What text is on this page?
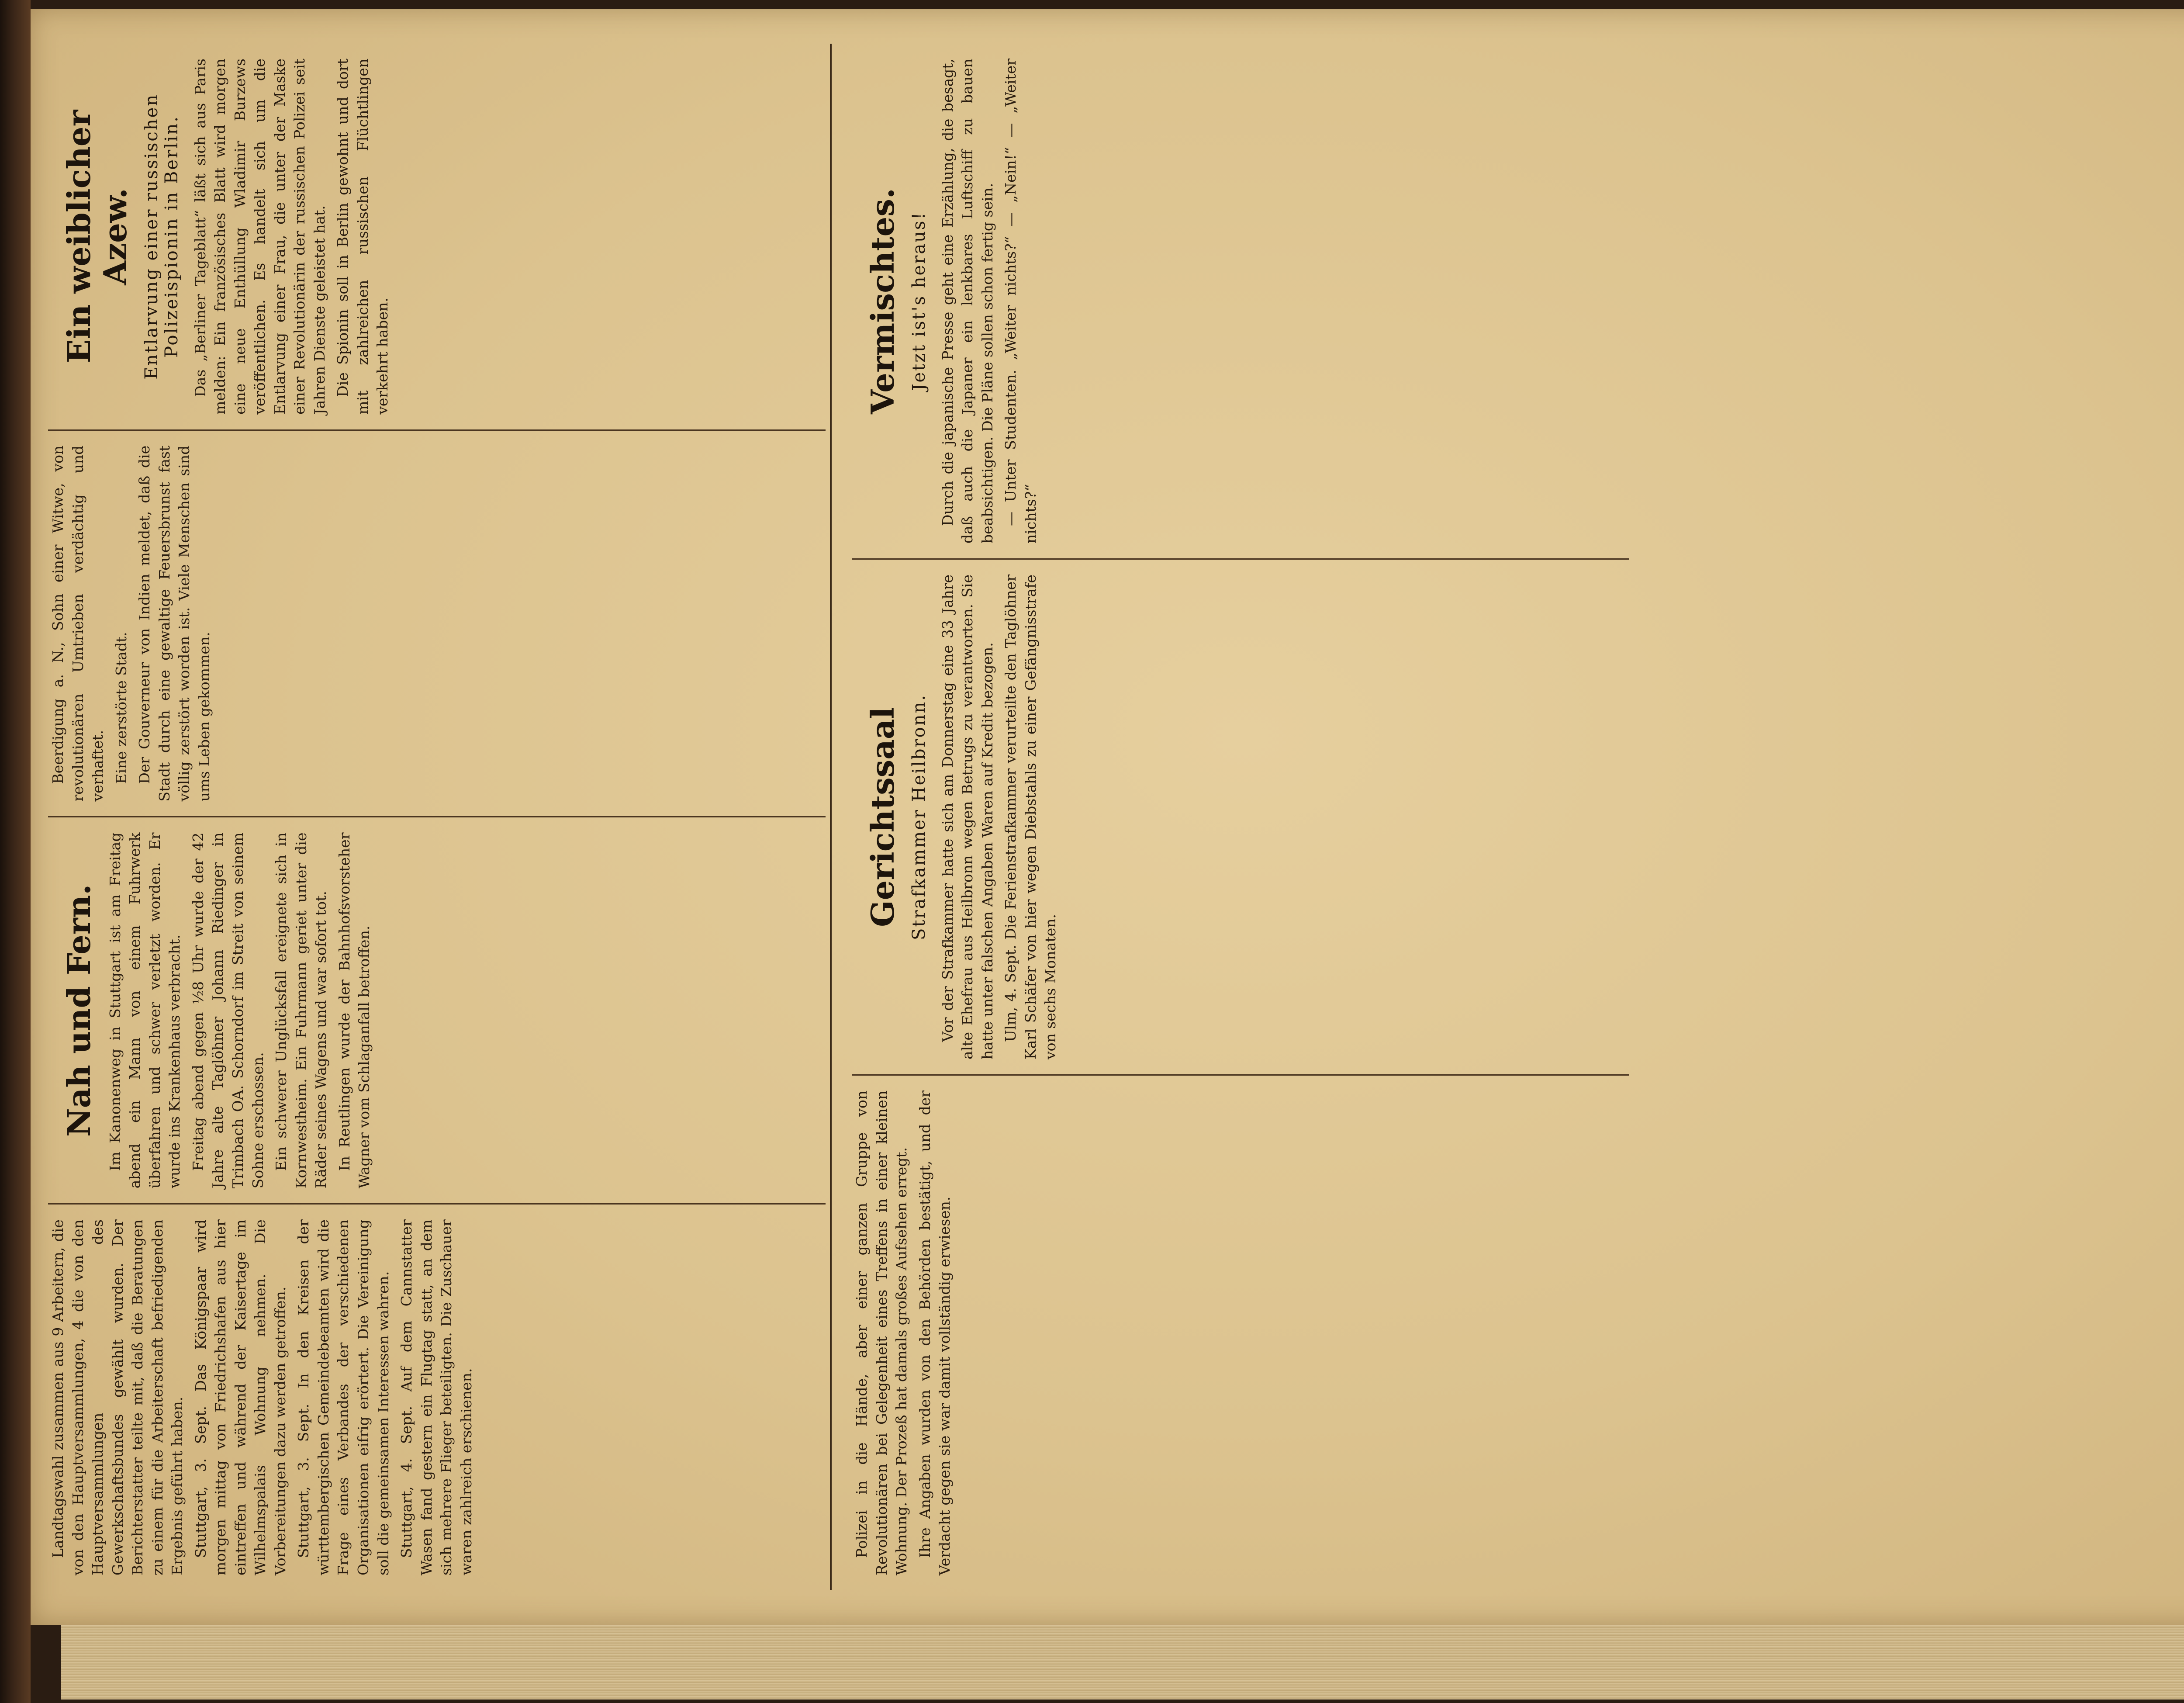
Landtagswahl zusammen aus 9 Arbeitern, die von den Hauptversammlungen, 4 die von den Hauptversammlungen des Gewerkschaftsbundes gewählt wurden. Der Berichterstatter teilte mit, daß die Beratungen zu einem für die Arbeiterschaft befriedigenden Ergebnis geführt haben. Stuttgart, 3. Sept. Das Königspaar wird morgen mittag von Friedrichshafen aus hier eintreffen und während der Kaisertage im Wilhelmspalais Wohnung nehmen. Die Vorbereitungen dazu werden getroffen. Stuttgart, 3. Sept. In den Kreisen der württembergischen Gemeindebeamten wird die Frage eines Verbandes der verschiedenen Organisationen eifrig erörtert. Die Vereinigung soll die gemeinsamen Interessen wahren. Stuttgart, 4. Sept. Auf dem Cannstatter Wasen fand gestern ein Flugtag statt, an dem sich mehrere Flieger beteiligten. Die Zuschauer waren zahlreich erschienen.

Nah und Fern. Im Kanonenweg in Stuttgart ist am Freitag abend ein Mann von einem Fuhrwerk überfahren und schwer verletzt worden. Er wurde ins Krankenhaus verbracht. Freitag abend gegen ½8 Uhr wurde der 42 Jahre alte Taglöhner Johann Riedinger in Trimbach OA. Schorndorf im Streit von seinem Sohne erschossen. Ein schwerer Unglücksfall ereignete sich in Kornwestheim. Ein Fuhrmann geriet unter die Räder seines Wagens und war sofort tot. In Reutlingen wurde der Bahnhofsvorsteher Wagner vom Schlaganfall betroffen.

Beerdigung a. N., Sohn einer Witwe, von revolutionären Umtrieben verdächtig und verhaftet. Eine zerstörte Stadt. Der Gouverneur von Indien meldet, daß die Stadt durch eine gewaltige Feuersbrunst fast völlig zerstört worden ist. Viele Menschen sind ums Leben gekommen.

Ein weiblicher Azew. Entlarvung einer russischen Polizeispionin in Berlin. Das „Berliner Tageblatt“ läßt sich aus Paris melden: Ein französisches Blatt wird morgen eine neue Enthüllung Wladimir Burzews veröffentlichen. Es handelt sich um die Entlarvung einer Frau, die unter der Maske einer Revolutionärin der russischen Polizei seit Jahren Dienste geleistet hat. Die Spionin soll in Berlin gewohnt und dort mit zahlreichen russischen Flüchtlingen verkehrt haben.

Polizei in die Hände, aber einer ganzen Gruppe von Revolutionären bei Gelegenheit eines Treffens in einer kleinen Wohnung. Der Prozeß hat damals großes Aufsehen erregt. Ihre Angaben wurden von den Behörden bestätigt, und der Verdacht gegen sie war damit vollständig erwiesen.

Gerichtssaal Strafkammer Heilbronn. Vor der Strafkammer hatte sich am Donnerstag eine 33 Jahre alte Ehefrau aus Heilbronn wegen Betrugs zu verantworten. Sie hatte unter falschen Angaben Waren auf Kredit bezogen. Ulm, 4. Sept. Die Ferienstrafkammer verurteilte den Taglöhner Karl Schäfer von hier wegen Diebstahls zu einer Gefängnisstrafe von sechs Monaten.

Vermischtes. Jetzt ist's heraus! Durch die japanische Presse geht eine Erzählung, die besagt, daß auch die Japaner ein lenkbares Luftschiff zu bauen beabsichtigen. Die Pläne sollen schon fertig sein. — Unter Studenten. „Weiter nichts?“ — „Nein!“ — „Weiter nichts?“
